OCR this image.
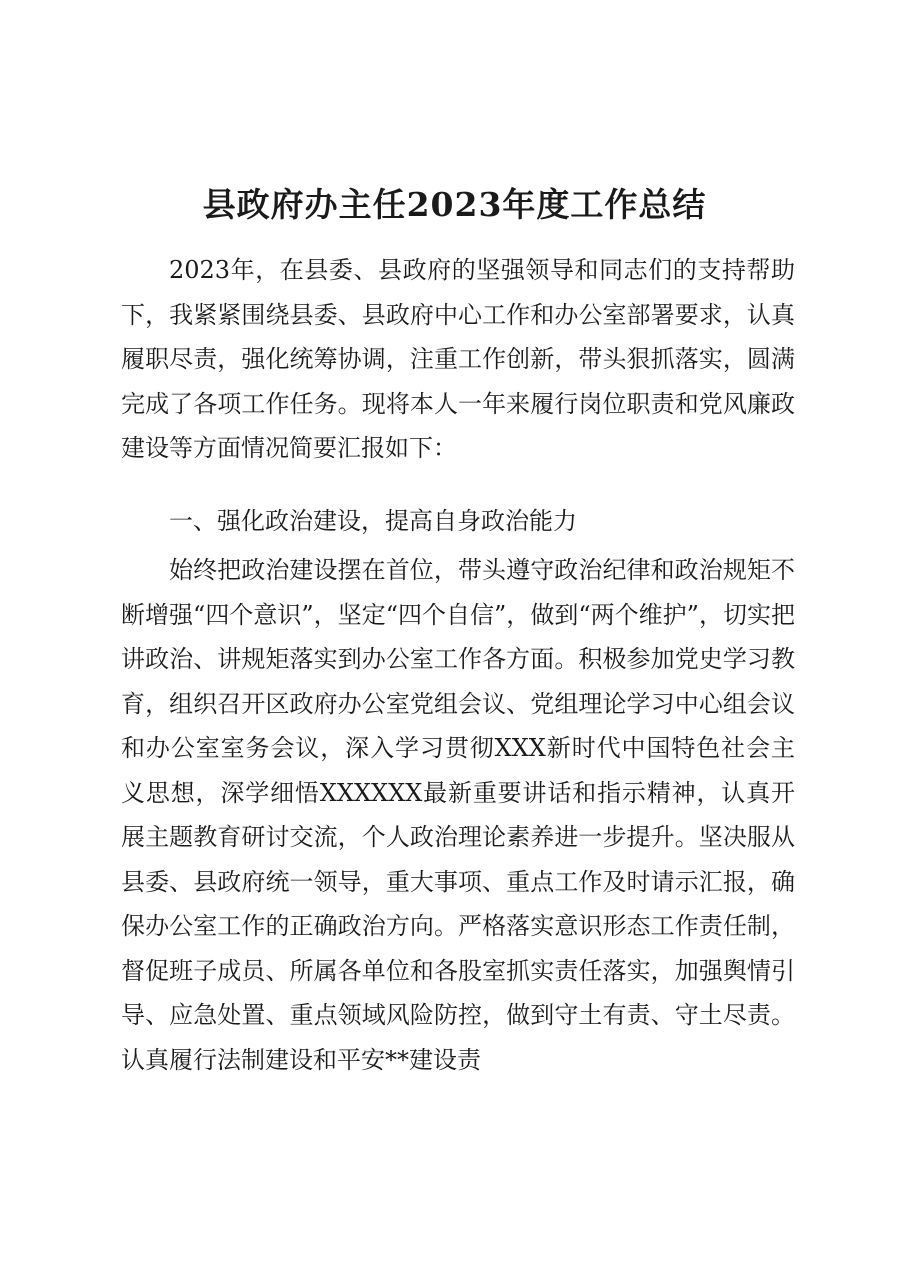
县政府办主任2023年度工作总结

2023年，在县委、县政府的坚强领导和同志们的支持帮助下，我紧紧围绕县委、县政府中心工作和办公室部署要求，认真履职尽责，强化统筹协调，注重工作创新，带头狠抓落实，圆满完成了各项工作任务。现将本人一年来履行岗位职责和党风廉政建设等方面情况简要汇报如下：

一、强化政治建设，提高自身政治能力

始终把政治建设摆在首位，带头遵守政治纪律和政治规矩不断增强“四个意识”，坚定“四个自信”，做到“两个维护”，切实把讲政治、讲规矩落实到办公室工作各方面。积极参加党史学习教育，组织召开区政府办公室党组会议、党组理论学习中心组会议和办公室室务会议，深入学习贯彻XXX新时代中国特色社会主义思想，深学细悟XXXXXX最新重要讲话和指示精神，认真开展主题教育研讨交流，个人政治理论素养进一步提升。坚决服从县委、县政府统一领导，重大事项、重点工作及时请示汇报，确保办公室工作的正确政治方向。严格落实意识形态工作责任制，督促班子成员、所属各单位和各股室抓实责任落实，加强舆情引导、应急处置、重点领域风险防控，做到守土有责、守土尽责。认真履行法制建设和平安**建设责
